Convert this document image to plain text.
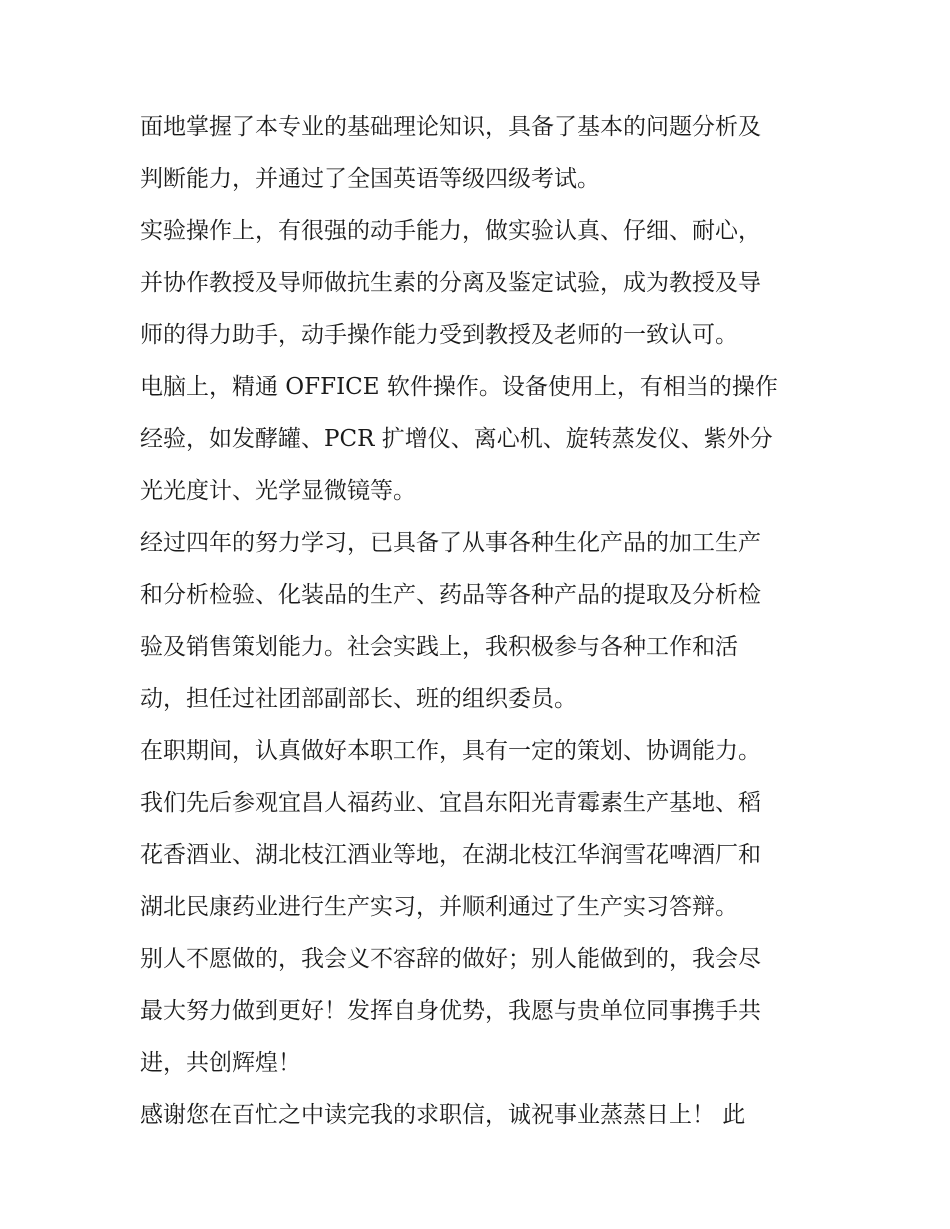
面地掌握了本专业的基础理论知识，具备了基本的问题分析及
判断能力，并通过了全国英语等级四级考试。
实验操作上，有很强的动手能力，做实验认真、仔细、耐心，
并协作教授及导师做抗生素的分离及鉴定试验，成为教授及导
师的得力助手，动手操作能力受到教授及老师的一致认可。
电脑上，精通 OFFICE 软件操作。设备使用上，有相当的操作
经验，如发酵罐、PCR 扩增仪、离心机、旋转蒸发仪、紫外分
光光度计、光学显微镜等。
经过四年的努力学习，已具备了从事各种生化产品的加工生产
和分析检验、化装品的生产、药品等各种产品的提取及分析检
验及销售策划能力。社会实践上，我积极参与各种工作和活
动，担任过社团部副部长、班的组织委员。
在职期间，认真做好本职工作，具有一定的策划、协调能力。
我们先后参观宜昌人福药业、宜昌东阳光青霉素生产基地、稻
花香酒业、湖北枝江酒业等地，在湖北枝江华润雪花啤酒厂和
湖北民康药业进行生产实习，并顺利通过了生产实习答辩。
别人不愿做的，我会义不容辞的做好；别人能做到的，我会尽
最大努力做到更好！发挥自身优势，我愿与贵单位同事携手共
进，共创辉煌！
感谢您在百忙之中读完我的求职信，诚祝事业蒸蒸日上！ 此
